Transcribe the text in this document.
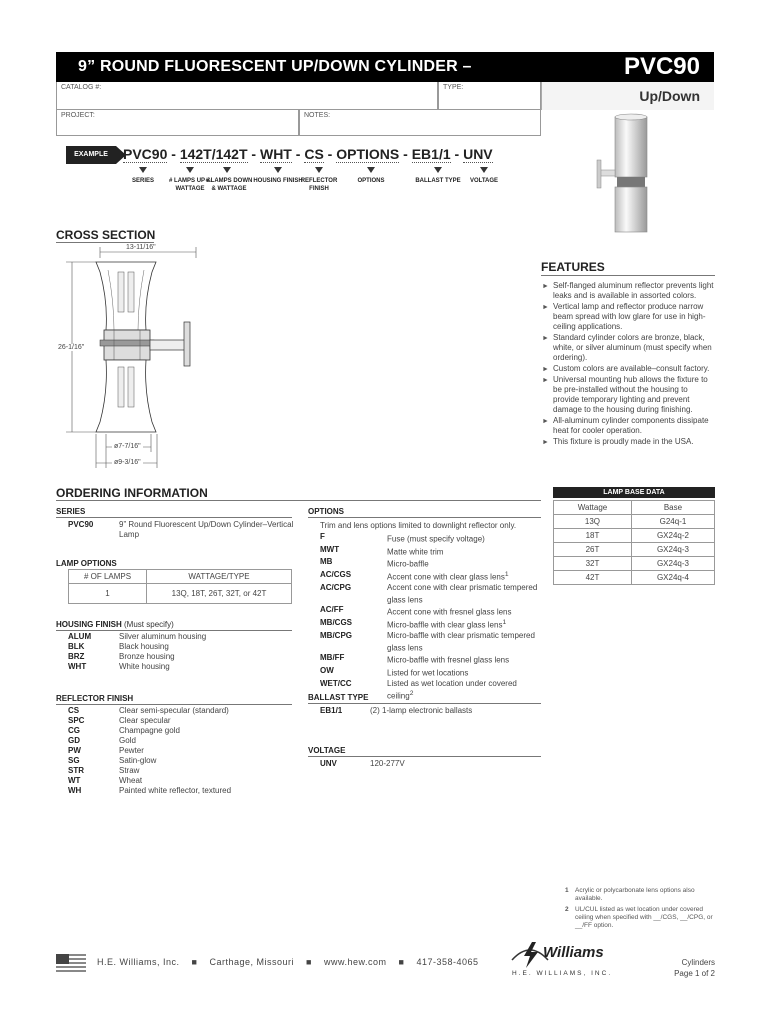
9” ROUND FLUORESCENT UP/DOWN CYLINDER – VERTICAL LAMP
PVC90
Up/Down
CATALOG #:	TYPE:
PROJECT:	NOTES:
EXAMPLE	PVC90 - 142T/142T - WHT - CS - OPTIONS - EB1/1 - UNV
SERIES	# LAMPS UP & WATTAGE
# LAMPS DOWN & WATTAGE
HOUSING FINISH
REFLECTOR FINISH
OPTIONS	BALLAST TYPE	VOLTAGE
CROSS SECTION
13-11/16"
26-1/16"
ø7-7/16"
ø9-3/16"
FEATURES
► Self-flanged aluminum reflector prevents light leaks and is available in assorted colors.
► Vertical lamp and reflector produce narrow beam spread with low glare for use in high-ceiling applications.
► Standard cylinder colors are bronze, black, white, or silver aluminum (must specify when ordering).
► Custom colors are available–consult factory.
► Universal mounting hub allows the fixture to be pre-installed without the housing to provide temporary lighting and prevent damage to the housing during finishing.
► All-aluminum cylinder components dissipate heat for cooler operation.
► This fixture is proudly made in the USA.
ORDERING INFORMATION
SERIES
PVC90	9” Round Fluorescent Up/Down Cylinder–Vertical Lamp
LAMP OPTIONS
# OF LAMPS	WATTAGE/TYPE
1	13Q, 18T, 26T, 32T, or 42T
HOUSING FINISH (Must specify)
ALUM	Silver aluminum housing
BLK	Black housing
BRZ	Bronze housing
WHT	White housing
REFLECTOR FINISH
CS	Clear semi-specular (standard)
SPC	Clear specular
CG	Champagne gold
GD	Gold
PW	Pewter
SG	Satin-glow
STR	Straw
WT	Wheat
WH	Painted white reflector, textured
OPTIONS
Trim and lens options limited to downlight reflector only.
F	Fuse (must specify voltage)
MWT	Matte white trim
MB	Micro-baffle
AC/CGS	Accent cone with clear glass lens$^1$
AC/CPG	Accent cone with clear prismatic tempered glass lens
AC/FF	Accent cone with fresnel glass lens
MB/CGS	Micro-baffle with clear glass lens$^1$
MB/CPG	Micro-baffle with clear prismatic tempered glass lens
MB/FF	Micro-baffle with fresnel glass lens
OW	Listed for wet locations
WET/CC	Listed as wet location under covered ceiling$^2$
BALLAST TYPE
EB1/1	(2) 1-lamp electronic ballasts
VOLTAGE
UNV	120-277V
LAMP BASE DATA
Wattage	Base
13Q	G24q-1
18T	GX24q-2
26T	GX24q-3
32T	GX24q-3
42T	GX24q-4
1 Acrylic or polycarbonate lens options also available.
2 UL/CUL listed as wet location under covered ceiling when specified with __/CGS, __/CPG, or __/FF option.
H.E. Williams, Inc. ■ Carthage, Missouri ■ www.hew.com ■ 417-358-4065
Williams
H.E. WILLIAMS, INC.
Cylinders
Page 1 of 2
